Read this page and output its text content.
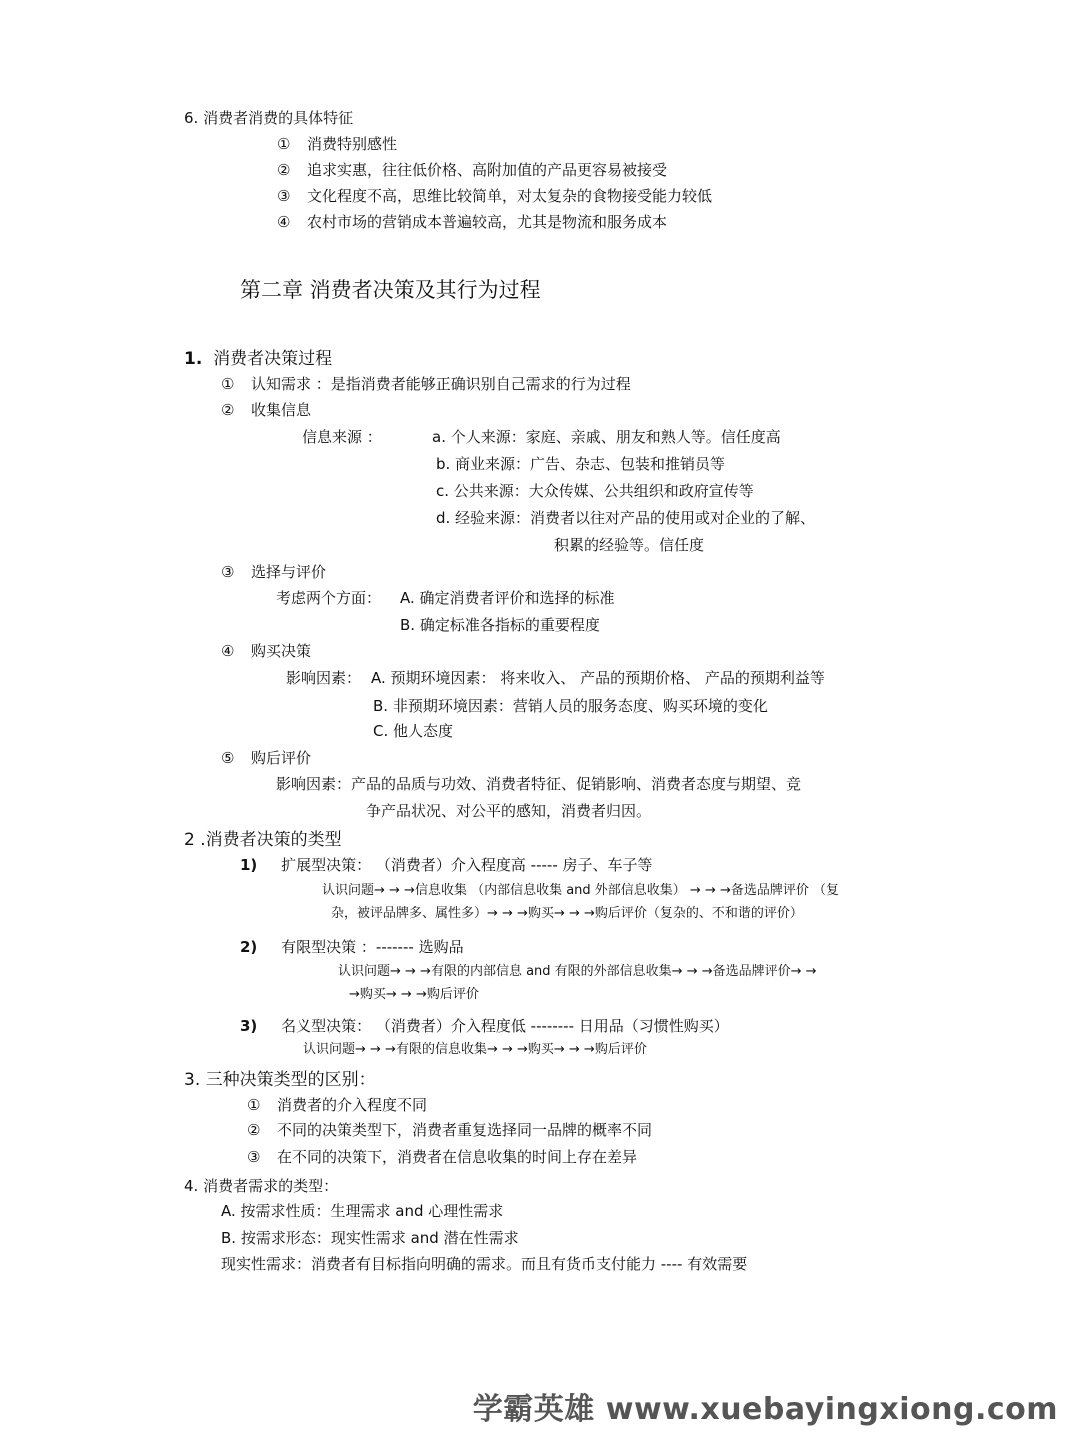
6. 消费者消费的具体特征
① 消费特别感性
② 追求实惠，往往低价格、高附加值的产品更容易被接受
③ 文化程度不高，思维比较简单，对太复杂的食物接受能力较低
④ 农村市场的营销成本普遍较高，尤其是物流和服务成本
第二章 消费者决策及其行为过程
1. 消费者决策过程
① 认知需求 ：是指消费者能够正确识别自己需求的行为过程
② 收集信息
信息来源 ：	a. 个人来源：家庭、亲戚、朋友和熟人等。信任度高
b. 商业来源：广告、杂志、包装和推销员等
c. 公共来源：大众传媒、公共组织和政府宣传等
d. 经验来源：消费者以往对产品的使用或对企业的了解、
积累的经验等。信任度
③ 选择与评价
考虑两个方面： A. 确定消费者评价和选择的标准
B. 确定标准各指标的重要程度
④ 购买决策
影响因素： A. 预期环境因素： 将来收入、 产品的预期价格、 产品的预期利益等
B. 非预期环境因素：营销人员的服务态度、购买环境的变化
C. 他人态度
⑤ 购后评价
影响因素：产品的品质与功效、消费者特征、促销影响、消费者态度与期望、竞
争产品状况、对公平的感知，消费者归因。
2 .消费者决策的类型
1) 扩展型决策： （消费者）介入程度高 ----- 房子、车子等
认识问题→ → →信息收集 （内部信息收集 and 外部信息收集） → → →备选品牌评价 （复
杂，被评品牌多、属性多）→ → →购买→ → →购后评价（复杂的、不和谐的评价）
2) 有限型决策 ：------- 选购品
认识问题→ → →有限的内部信息 and 有限的外部信息收集→ → →备选品牌评价→ →
→购买→ → →购后评价
3) 名义型决策： （消费者）介入程度低 -------- 日用品（习惯性购买）
认识问题→ → →有限的信息收集→ → →购买→ → →购后评价
3. 三种决策类型的区别：
① 消费者的介入程度不同
② 不同的决策类型下，消费者重复选择同一品牌的概率不同
③ 在不同的决策下，消费者在信息收集的时间上存在差异
4. 消费者需求的类型：
A. 按需求性质：生理需求 and 心理性需求
B. 按需求形态：现实性需求 and 潜在性需求
现实性需求：消费者有目标指向明确的需求。而且有货币支付能力 ---- 有效需要
学霸英雄 www.xuebayingxiong.com
